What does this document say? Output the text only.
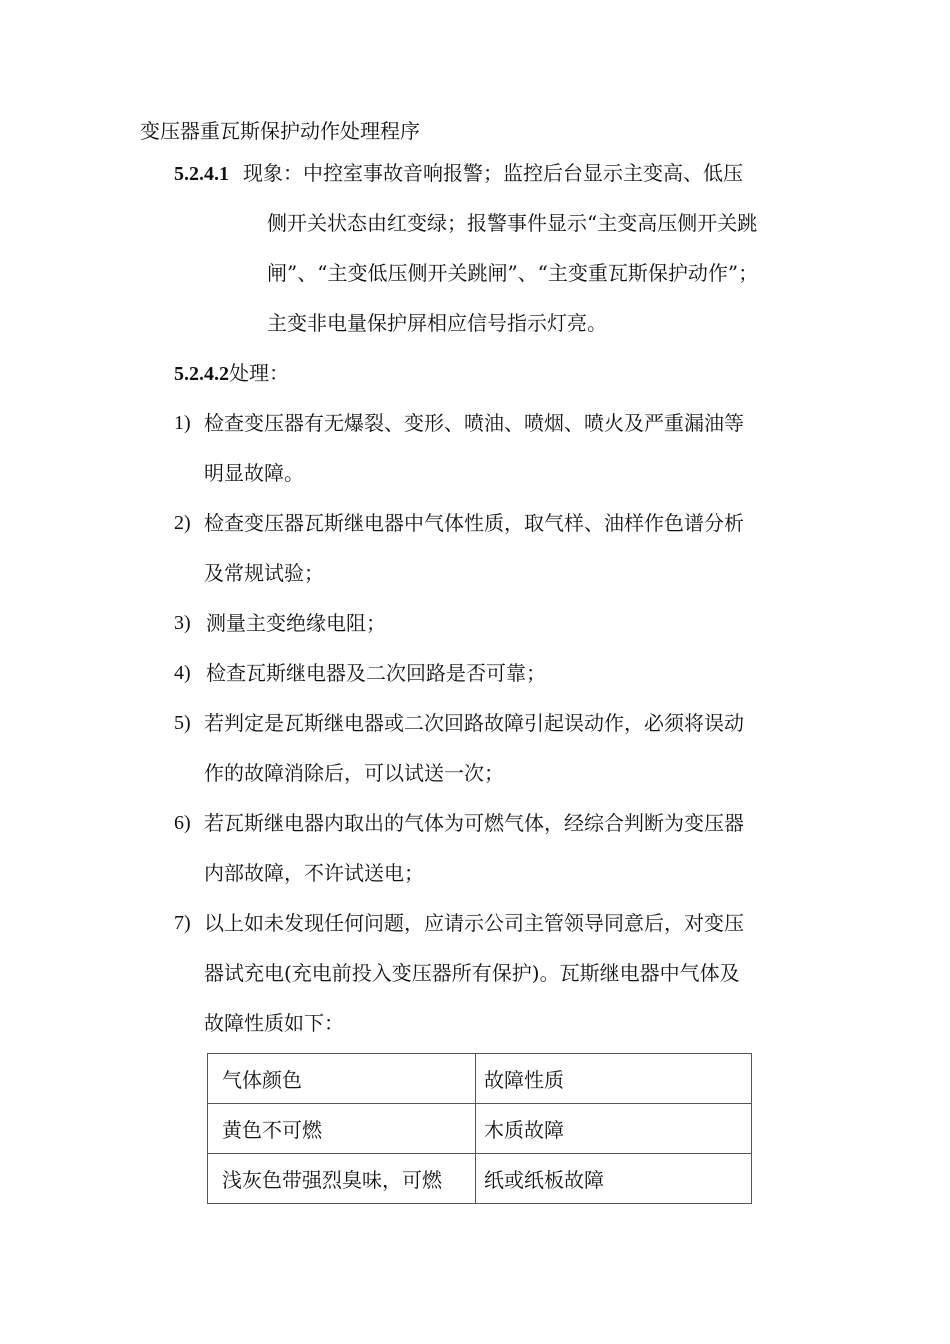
变压器重瓦斯保护动作处理程序
5.2.4.1 现象：中控室事故音响报警；监控后台显示主变高、低压
侧开关状态由红变绿；报警事件显示“主变高压侧开关跳
闸”、“主变低压侧开关跳闸”、“主变重瓦斯保护动作”；
主变非电量保护屏相应信号指示灯亮。
5.2.4.2处理：
1) 检查变压器有无爆裂、变形、喷油、喷烟、喷火及严重漏油等
明显故障。
2) 检查变压器瓦斯继电器中气体性质，取气样、油样作色谱分析
及常规试验；
3) 测量主变绝缘电阻；
4) 检查瓦斯继电器及二次回路是否可靠；
5) 若判定是瓦斯继电器或二次回路故障引起误动作，必须将误动
作的故障消除后，可以试送一次；
6) 若瓦斯继电器内取出的气体为可燃气体，经综合判断为变压器
内部故障，不许试送电；
7) 以上如未发现任何问题，应请示公司主管领导同意后，对变压
器试充电(充电前投入变压器所有保护)。瓦斯继电器中气体及
故障性质如下：
气体颜色	故障性质
黄色不可燃	木质故障
浅灰色带强烈臭味，可燃	纸或纸板故障
